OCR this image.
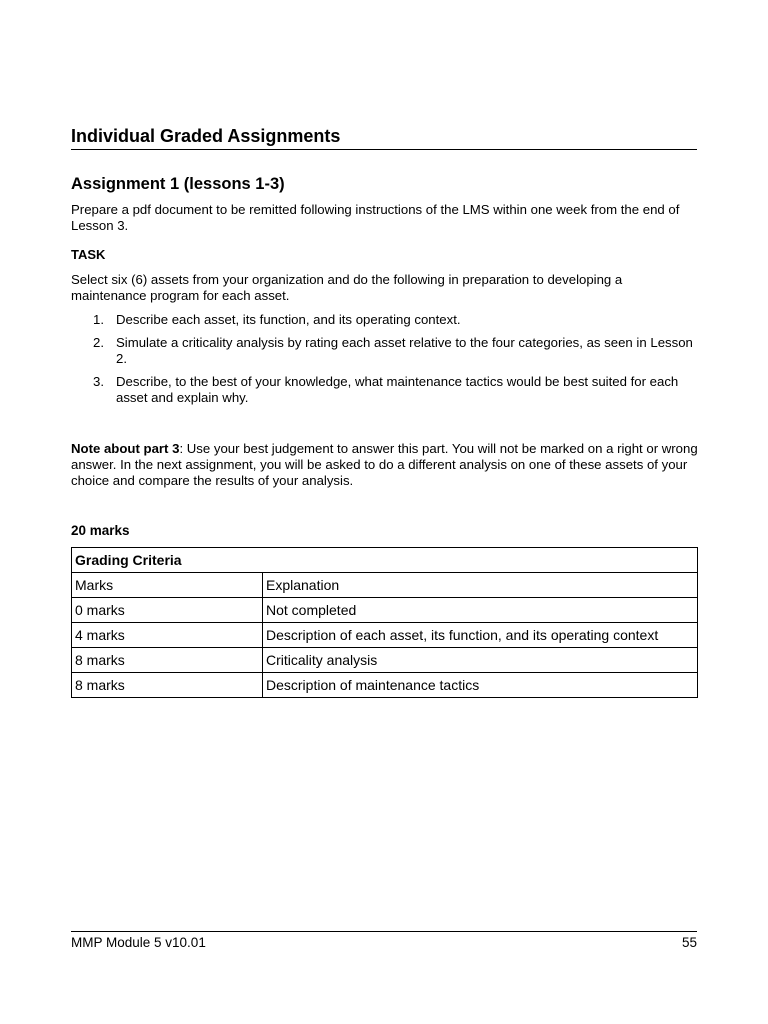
Individual Graded Assignments
Assignment 1 (lessons 1-3)
Prepare a pdf document to be remitted following instructions of the LMS within one week from the end of Lesson 3.
TASK
Select six (6) assets from your organization and do the following in preparation to developing a maintenance program for each asset.
1. Describe each asset, its function, and its operating context.
2. Simulate a criticality analysis by rating each asset relative to the four categories, as seen in Lesson 2.
3. Describe, to the best of your knowledge, what maintenance tactics would be best suited for each asset and explain why.
Note about part 3: Use your best judgement to answer this part. You will not be marked on a right or wrong answer. In the next assignment, you will be asked to do a different analysis on one of these assets of your choice and compare the results of your analysis.
20 marks
Grading Criteria	
Marks	Explanation
0 marks	Not completed
4 marks	Description of each asset, its function, and its operating context
8 marks	Criticality analysis
8 marks	Description of maintenance tactics
MMP Module 5 v10.01	55
